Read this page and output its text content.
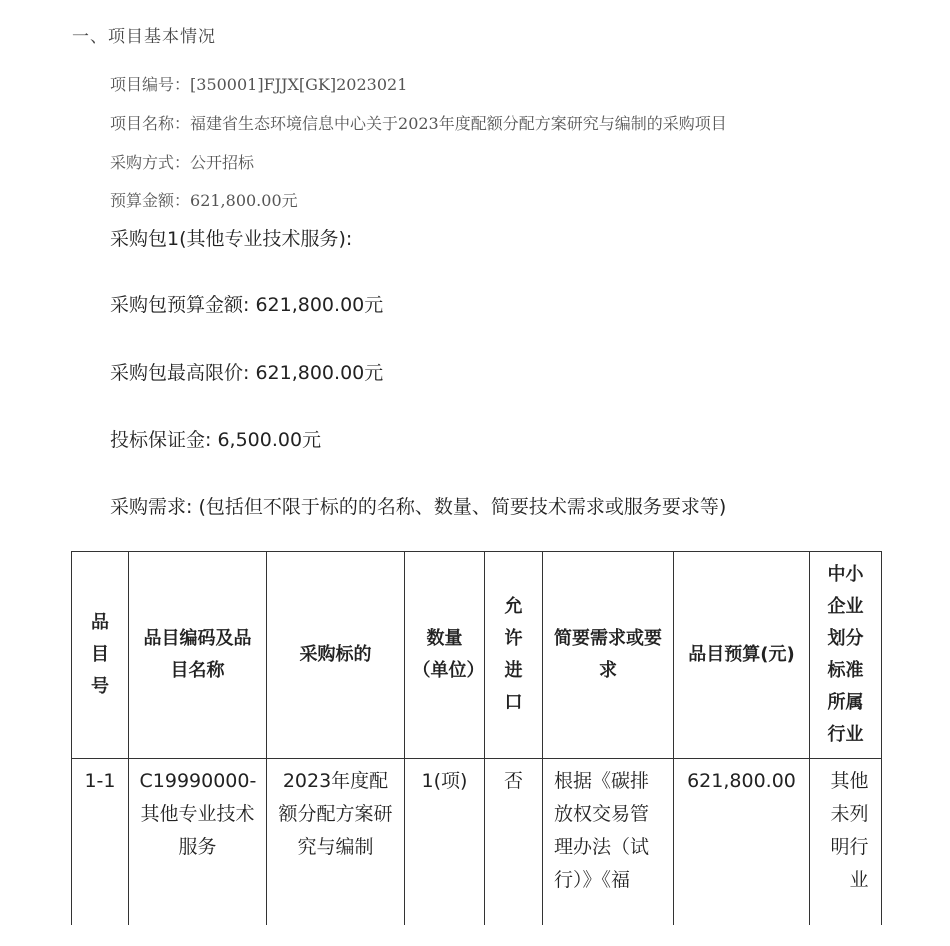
一、项目基本情况
项目编号：[350001]FJJX[GK]2023021
项目名称：福建省生态环境信息中心关于2023年度配额分配方案研究与编制的采购项目
采购方式：公开招标
预算金额：621,800.00元
采购包1(其他专业技术服务):
采购包预算金额: 621,800.00元
采购包最高限价: 621,800.00元
投标保证金: 6,500.00元
采购需求: (包括但不限于标的的名称、数量、简要技术需求或服务要求等)
品目号	品目编码及品目名称	采购标的	数量（单位）	允许进口	简要需求或要求	品目预算(元)	中小企业划分标准所属行业
1-1	C19990000-其他专业技术服务	2023年度配额分配方案研究与编制	1(项)	否	根据《碳排放权交易管理办法（试行）》《福	621,800.00	其他未列明行业
